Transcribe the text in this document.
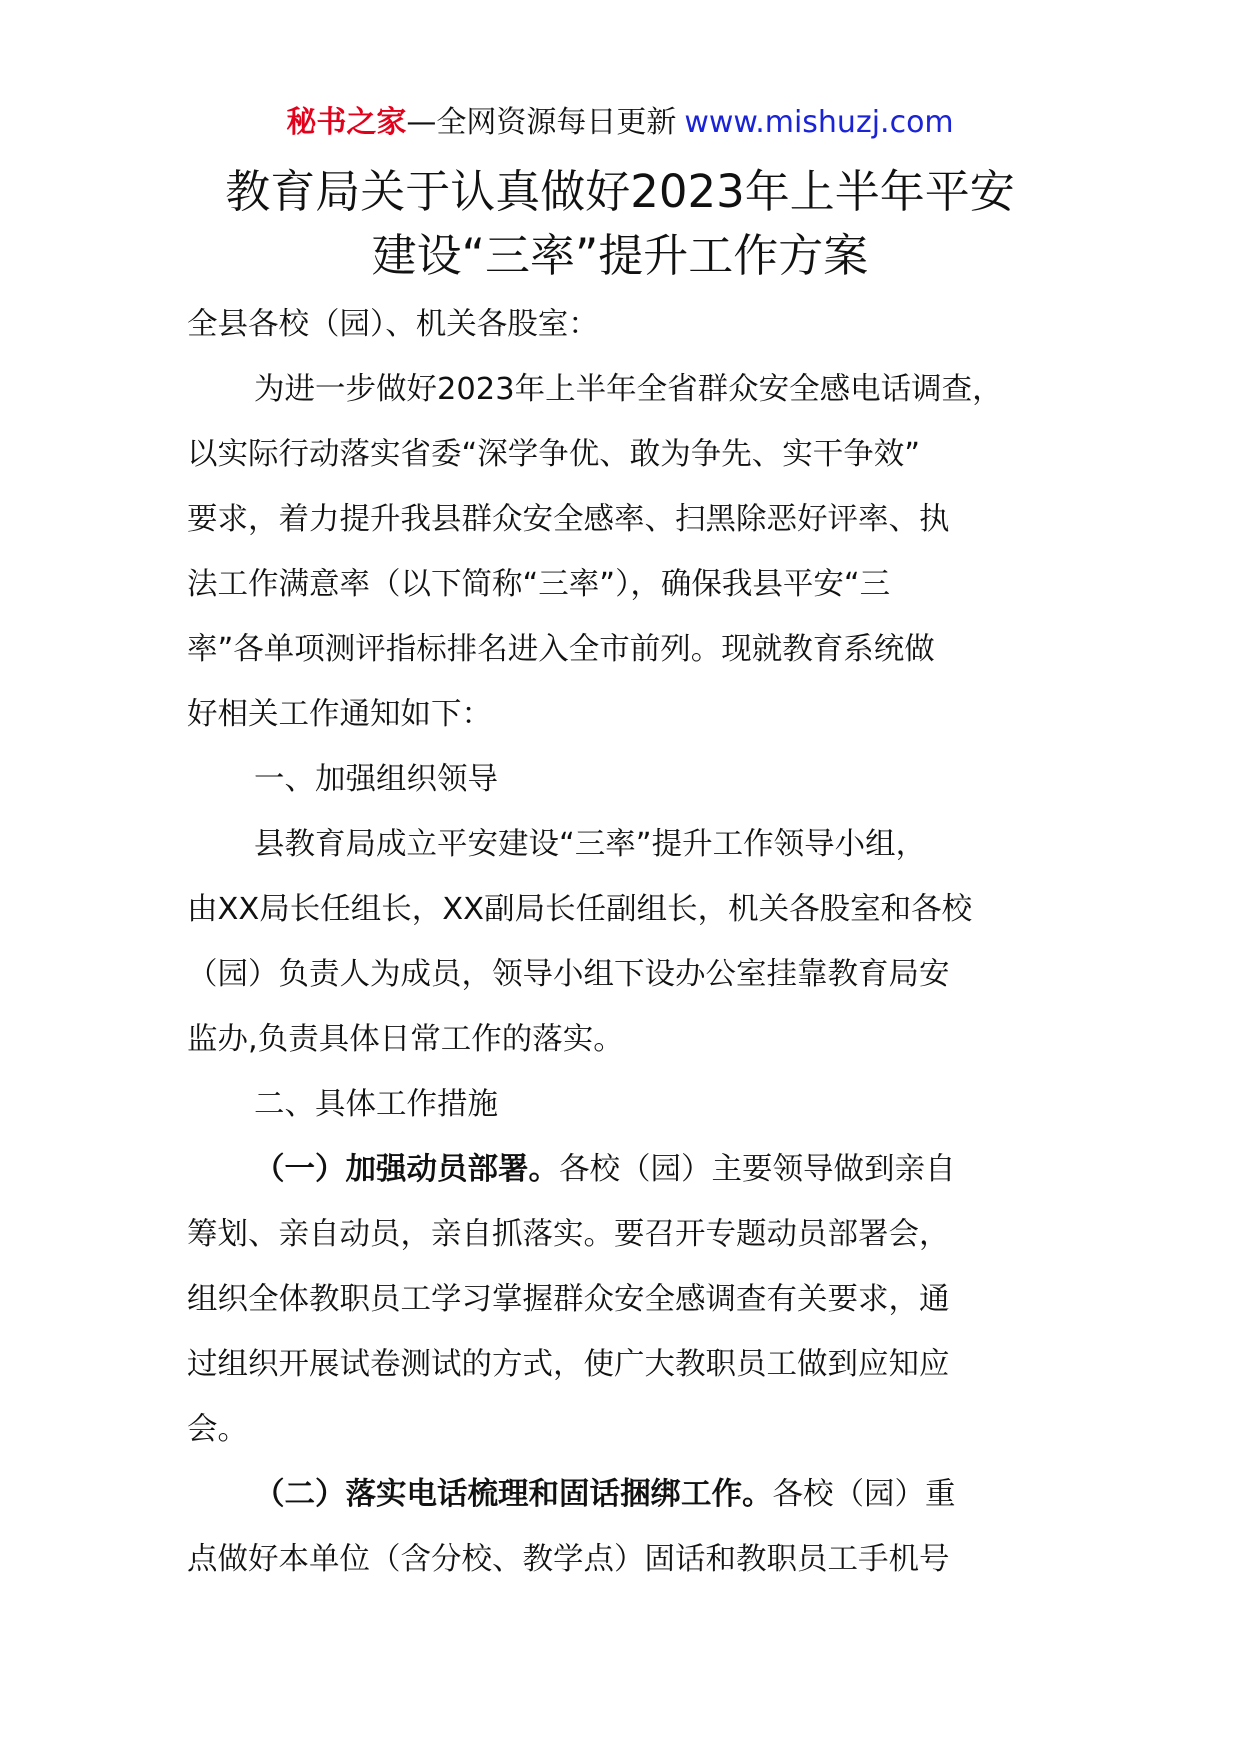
秘书之家—全网资源每日更新 www.mishuzj.com
教育局关于认真做好2023年上半年平安
建设“三率”提升工作方案
全县各校（园）、机关各股室：
为进一步做好2023年上半年全省群众安全感电话调查，
以实际行动落实省委“深学争优、敢为争先、实干争效”
要求，着力提升我县群众安全感率、扫黑除恶好评率、执
法工作满意率（以下简称“三率”），确保我县平安“三
率”各单项测评指标排名进入全市前列。现就教育系统做
好相关工作通知如下：
一、加强组织领导
县教育局成立平安建设“三率”提升工作领导小组，
由XX局长任组长，XX副局长任副组长，机关各股室和各校
（园）负责人为成员，领导小组下设办公室挂靠教育局安
监办,负责具体日常工作的落实。
二、具体工作措施
（一）加强动员部署。各校（园）主要领导做到亲自
筹划、亲自动员，亲自抓落实。要召开专题动员部署会，
组织全体教职员工学习掌握群众安全感调查有关要求，通
过组织开展试卷测试的方式，使广大教职员工做到应知应
会。
（二）落实电话梳理和固话捆绑工作。各校（园）重
点做好本单位（含分校、教学点）固话和教职员工手机号
